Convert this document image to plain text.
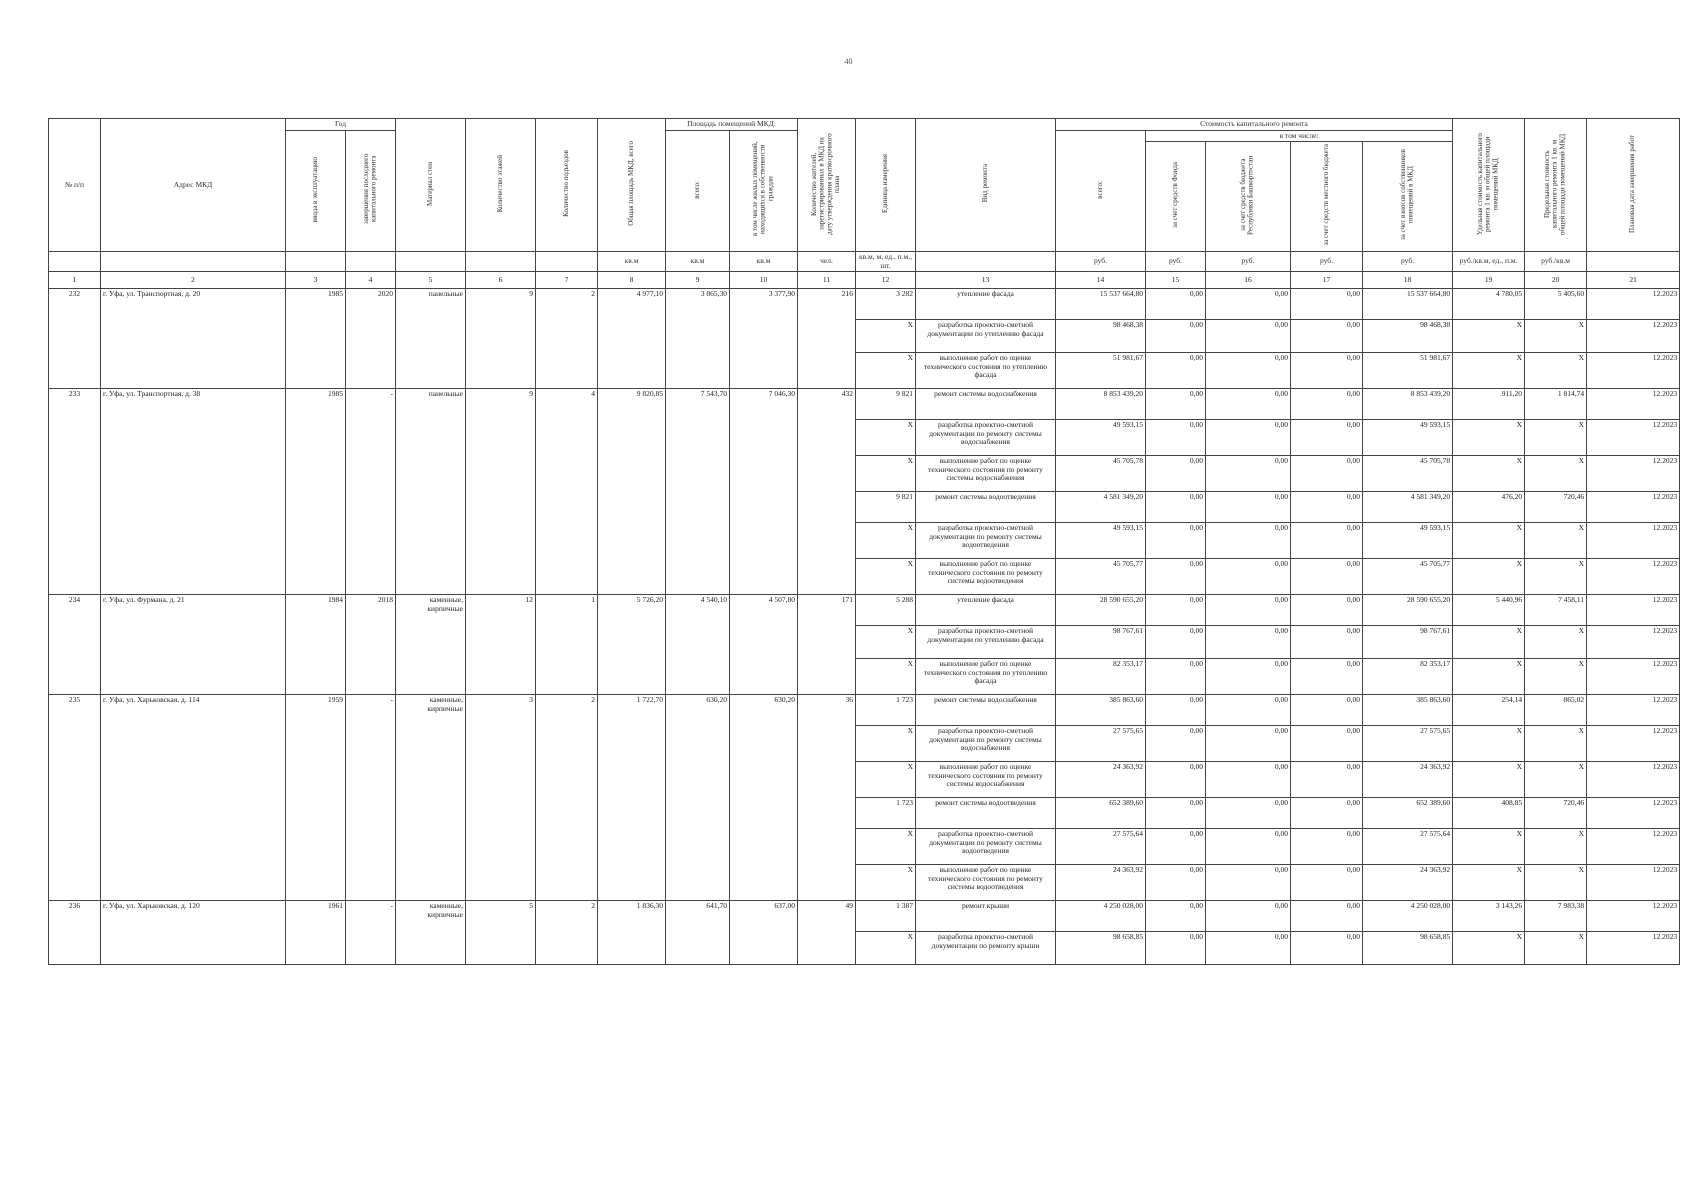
40
№ п/п	Адрес МКД	Год		Материал стен	Количество этажей	Количество подъездов	Общая площадь МКД, всего	Площадь помещений МКД:		Количество жителей, зарегистрированных в МКД на дату утверждения краткосрочного плана	Единица измерения	Вид ремонта	Стоимость капитального ремонта					Удельная стоимость капитального ремонта 1 кв. м общей площади помещений МКД	Предельная стоимость капитального ремонта 1 кв. м общей площади помещений МКД	Плановая дата завершения работ
		ввода в эксплуатацию	завершения последнего капитального ремонта					всего:	в том числе жилых помещений, находящихся в собственности граждан				всего:	в том числе:						
														за счет средств Фонда	за счет средств бюджета Республики Башкортостан	за счет средств местного бюджета	за счет взносов собственников помещений в МКД			
							кв.м	кв.м	кв.м	чел.	кв.м, м, ед., п.м., шт.		руб.	руб.	руб.	руб.	руб.	руб./кв.м, ед., п.м.	руб./кв.м	
1	2	3	4	5	6	7	8	9	10	11	12	13	14	15	16	17	18	19	20	21
232	г. Уфа, ул. Транспортная, д. 20	1985	2020	панельные	9	2	4 977,10	3 865,30	3 377,90	216	3 282	утепление фасада	15 537 664,80	0,00	0,00	0,00	15 537 664,80	4 780,05	5 405,60	12.2023
											X	разработка проектно-сметной документации по утеплению фасада	98 468,38	0,00	0,00	0,00	98 468,38	X	X	12.2023
											X	выполнение работ по оценке технического состояния по утеплению фасада	51 981,67	0,00	0,00	0,00	51 981,67	X	X	12.2023
233	г. Уфа, ул. Транспортная, д. 38	1985	-	панельные	9	4	9 820,85	7 543,70	7 046,30	432	9 821	ремонт системы водоснабжения	8 853 439,20	0,00	0,00	0,00	8 853 439,20	911,20	1 814,74	12.2023
											X	разработка проектно-сметной документации по ремонту системы водоснабжения	49 593,15	0,00	0,00	0,00	49 593,15	X	X	12.2023
											X	выполнение работ по оценке технического состояния по ремонту системы водоснабжения	45 705,78	0,00	0,00	0,00	45 705,78	X	X	12.2023
											9 821	ремонт системы водоотведения	4 581 349,20	0,00	0,00	0,00	4 581 349,20	476,20	720,46	12.2023
											X	разработка проектно-сметной документации по ремонту системы водоотведения	49 593,15	0,00	0,00	0,00	49 593,15	X	X	12.2023
											X	выполнение работ по оценке технического состояния по ремонту системы водоотведения	45 705,77	0,00	0,00	0,00	45 705,77	X	X	12.2023
234	г. Уфа, ул. Фурмана, д. 21	1984	2018	каменные, кирпичные	12	1	5 726,20	4 540,10	4 507,80	171	5 288	утепление фасада	28 590 655,20	0,00	0,00	0,00	28 590 655,20	5 440,96	7 458,11	12.2023
											X	разработка проектно-сметной документации по утеплению фасада	98 767,61	0,00	0,00	0,00	98 767,61	X	X	12.2023
											X	выполнение работ по оценке технического состояния по утеплению фасада	82 353,17	0,00	0,00	0,00	82 353,17	X	X	12.2023
235	г. Уфа, ул. Харьковская, д. 114	1959	-	каменные, кирпичные	3	2	1 722,70	630,20	630,20	36	1 723	ремонт системы водоснабжения	385 863,60	0,00	0,00	0,00	385 863,60	254,14	865,02	12.2023
											X	разработка проектно-сметной документации по ремонту системы водоснабжения	27 575,65	0,00	0,00	0,00	27 575,65	X	X	12.2023
											X	выполнение работ по оценке технического состояния по ремонту системы водоснабжения	24 363,92	0,00	0,00	0,00	24 363,92	X	X	12.2023
											1 723	ремонт системы водоотведения	652 389,60	0,00	0,00	0,00	652 389,60	408,85	720,46	12.2023
											X	разработка проектно-сметной документации по ремонту системы водоотведения	27 575,64	0,00	0,00	0,00	27 575,64	X	X	12.2023
											X	выполнение работ по оценке технического состояния по ремонту системы водоотведения	24 363,92	0,00	0,00	0,00	24 363,92	X	X	12.2023
236	г. Уфа, ул. Харьковская, д. 120	1961	-	каменные, кирпичные	5	2	1 836,30	641,70	637,00	49	1 387	ремонт крыши	4 250 028,00	0,00	0,00	0,00	4 250 028,00	3 143,26	7 983,38	12.2023
											X	разработка проектно-сметной документации по ремонту крыши	98 658,85	0,00	0,00	0,00	98 658,85	X	X	12.2023
